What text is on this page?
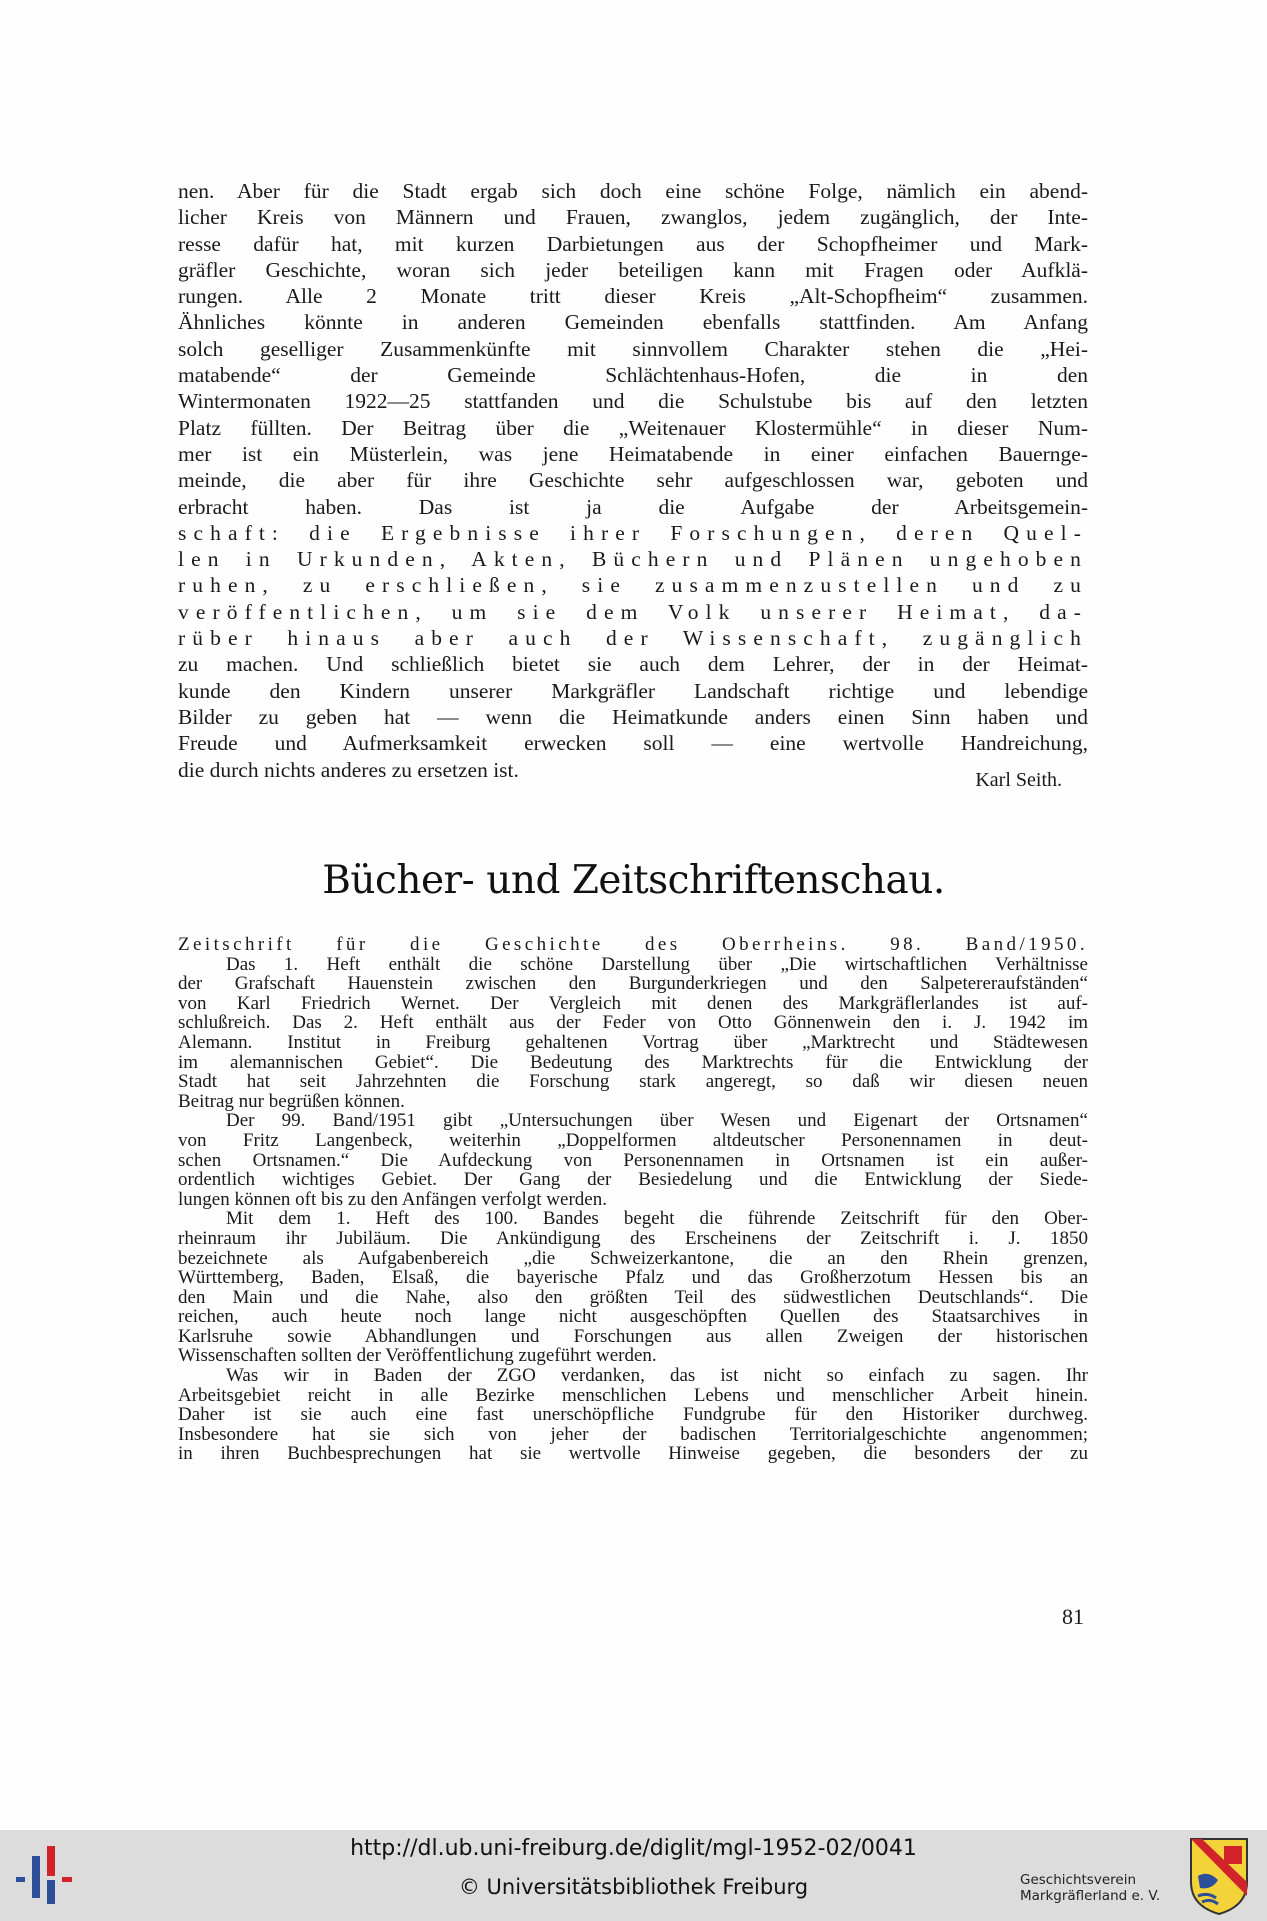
nen. Aber für die Stadt ergab sich doch eine schöne Folge, nämlich ein abend-

licher Kreis von Männern und Frauen, zwanglos, jedem zugänglich, der Inte-

resse dafür hat, mit kurzen Darbietungen aus der Schopfheimer und Mark-

gräfler Geschichte, woran sich jeder beteiligen kann mit Fragen oder Aufklä-

rungen. Alle 2 Monate tritt dieser Kreis „Alt-Schopfheim“ zusammen.

Ähnliches könnte in anderen Gemeinden ebenfalls stattfinden. Am Anfang

solch geselliger Zusammenkünfte mit sinnvollem Charakter stehen die „Hei-

matabende“ der Gemeinde Schlächtenhaus-Hofen, die in den

Wintermonaten 1922—25 stattfanden und die Schulstube bis auf den letzten

Platz füllten. Der Beitrag über die „Weitenauer Klostermühle“ in dieser Num-

mer ist ein Müsterlein, was jene Heimatabende in einer einfachen Bauernge-

meinde, die aber für ihre Geschichte sehr aufgeschlossen war, geboten und

erbracht haben. Das ist ja die Aufgabe der Arbeitsgemein-

schaft: die Ergebnisse ihrer Forschungen, deren Quel-

len in Urkunden, Akten, Büchern und Plänen ungehoben

ruhen, zu erschließen, sie zusammenzustellen und zu

veröffentlichen, um sie dem Volk unserer Heimat, da-

rüber hinaus aber auch der Wissenschaft, zugänglich

zu machen. Und schließlich bietet sie auch dem Lehrer, der in der Heimat-

kunde den Kindern unserer Markgräfler Landschaft richtige und lebendige

Bilder zu geben hat — wenn die Heimatkunde anders einen Sinn haben und

Freude und Aufmerksamkeit erwecken soll — eine wertvolle Handreichung,

die durch nichts anderes zu ersetzen ist.	Karl Seith.
Bücher- und Zeitschriftenschau.

Zeitschrift für die Geschichte des Oberrheins. 98. Band/1950.

Das 1. Heft enthält die schöne Darstellung über „Die wirtschaftlichen Verhältnisse

der Grafschaft Hauenstein zwischen den Burgunderkriegen und den Salpetereraufständen“

von Karl Friedrich Wernet. Der Vergleich mit denen des Markgräflerlandes ist auf-

schlußreich. Das 2. Heft enthält aus der Feder von Otto Gönnenwein den i. J. 1942 im

Alemann. Institut in Freiburg gehaltenen Vortrag über „Marktrecht und Städtewesen

im alemannischen Gebiet“. Die Bedeutung des Marktrechts für die Entwicklung der

Stadt hat seit Jahrzehnten die Forschung stark angeregt, so daß wir diesen neuen

Beitrag nur begrüßen können.

Der 99. Band/1951 gibt „Untersuchungen über Wesen und Eigenart der Ortsnamen“

von Fritz Langenbeck, weiterhin „Doppelformen altdeutscher Personennamen in deut-

schen Ortsnamen.“ Die Aufdeckung von Personennamen in Ortsnamen ist ein außer-

ordentlich wichtiges Gebiet. Der Gang der Besiedelung und die Entwicklung der Siede-

lungen können oft bis zu den Anfängen verfolgt werden.

Mit dem 1. Heft des 100. Bandes begeht die führende Zeitschrift für den Ober-

rheinraum ihr Jubiläum. Die Ankündigung des Erscheinens der Zeitschrift i. J. 1850

bezeichnete als Aufgabenbereich „die Schweizerkantone, die an den Rhein grenzen,

Württemberg, Baden, Elsaß, die bayerische Pfalz und das Großherzotum Hessen bis an

den Main und die Nahe, also den größten Teil des südwestlichen Deutschlands“. Die

reichen, auch heute noch lange nicht ausgeschöpften Quellen des Staatsarchives in

Karlsruhe sowie Abhandlungen und Forschungen aus allen Zweigen der historischen

Wissenschaften sollten der Veröffentlichung zugeführt werden.

Was wir in Baden der ZGO verdanken, das ist nicht so einfach zu sagen. Ihr

Arbeitsgebiet reicht in alle Bezirke menschlichen Lebens und menschlicher Arbeit hinein.

Daher ist sie auch eine fast unerschöpfliche Fundgrube für den Historiker durchweg.

Insbesondere hat sie sich von jeher der badischen Territorialgeschichte angenommen;

in ihren Buchbesprechungen hat sie wertvolle Hinweise gegeben, die besonders der zu

81
http://dl.ub.uni-freiburg.de/diglit/mgl-1952-02/0041
© Universitätsbibliothek Freiburg	Geschichtsverein
Markgräflerland e. V.
